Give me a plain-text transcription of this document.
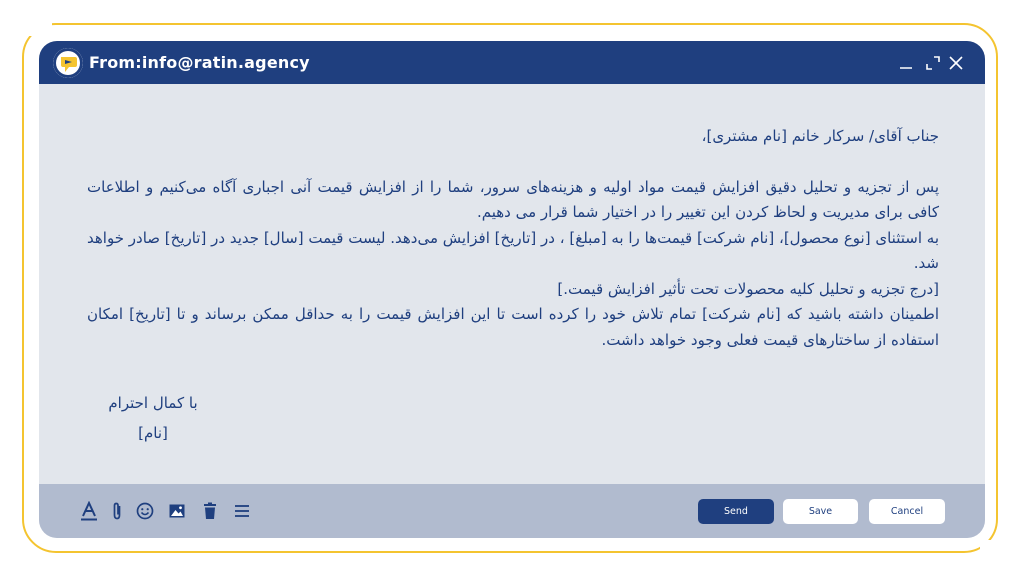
From:info@ratin.agency

جناب آقای/ سرکار خانم [نام مشتری]،

پس از تجزیه و تحلیل دقیق افزایش قیمت مواد اولیه و هزینه‌های سرور، شما را از افزایش قیمت آنی اجباری آگاه می‌کنیم و اطلاعات کافی برای مدیریت و لحاظ کردن این تغییر را در اختیار شما قرار می دهیم.

به استثنای [نوع محصول]، [نام شرکت] قیمت‌ها را به [مبلغ] ، در [تاریخ] افزایش می‌دهد. لیست قیمت [سال] جدید در [تاریخ] صادر خواهد شد.

[درج تجزیه و تحلیل کلیه محصولات تحت تأثیر افزایش قیمت.]

اطمینان داشته باشید که [نام شرکت] تمام تلاش خود را کرده است تا این افزایش قیمت را به حداقل ممکن برساند و تا [تاریخ] امکان استفاده از ساختارهای قیمت فعلی وجود خواهد داشت.

با کمال احترام
[نام]
Send	Save	Cancel
